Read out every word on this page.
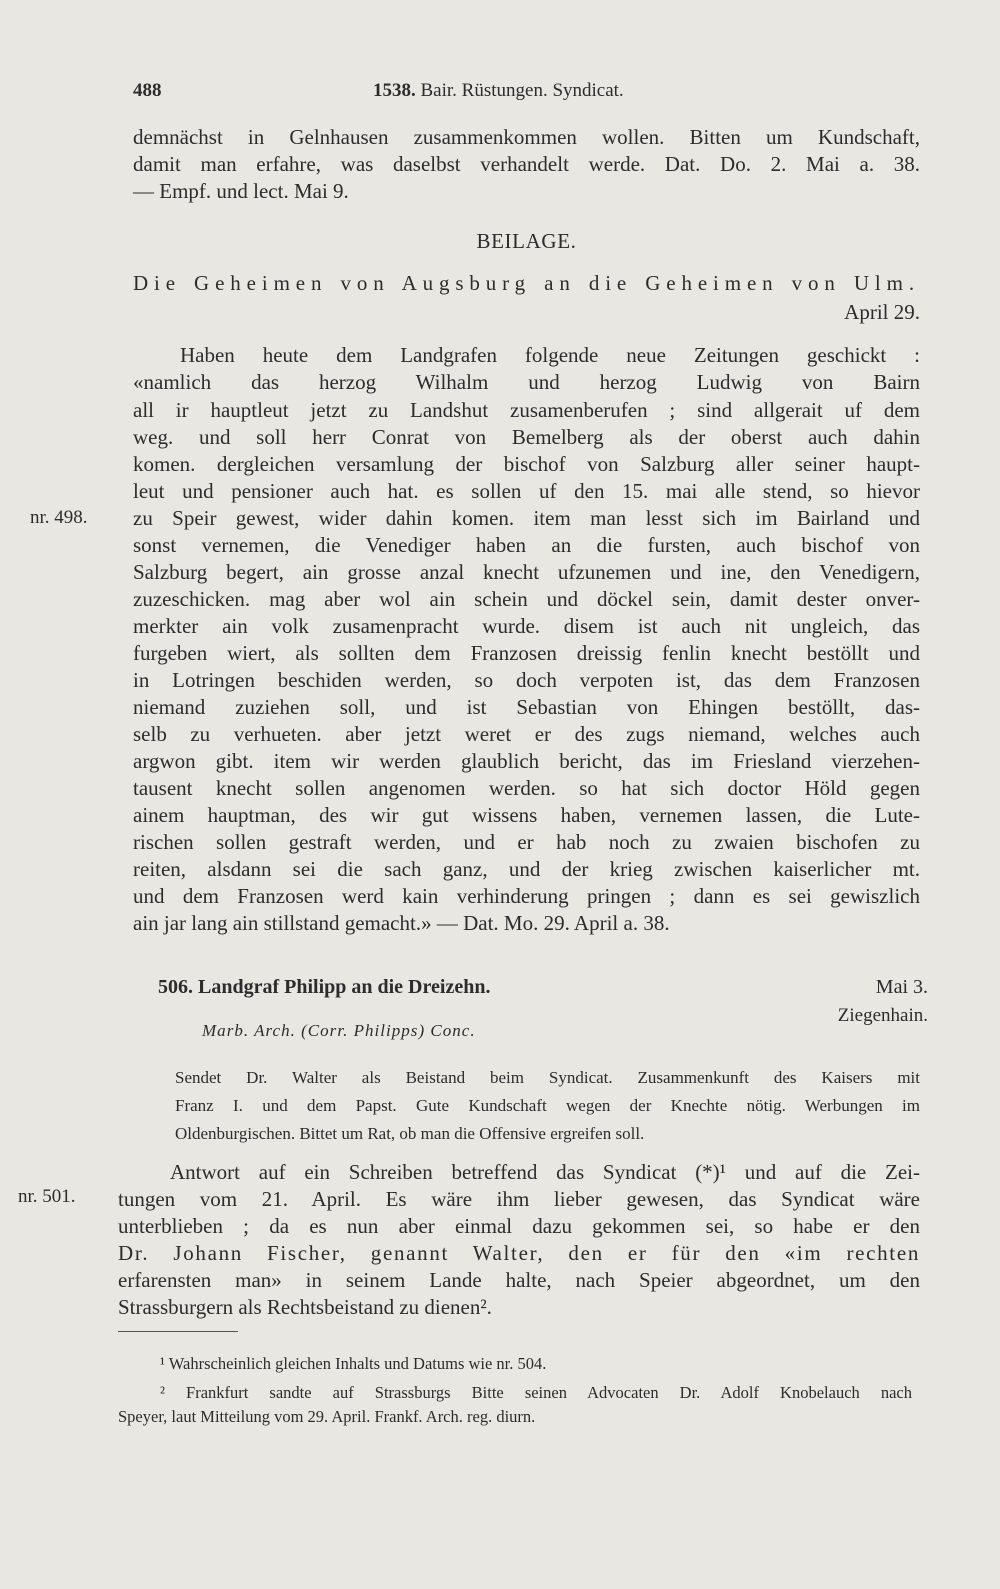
488	1538. Bair. Rüstungen. Syndicat.
demnächst in Gelnhausen zusammenkommen wollen. Bitten um Kundschaft,
damit man erfahre, was daselbst verhandelt werde. Dat. Do. 2. Mai a. 38.
— Empf. und lect. Mai 9.
BEILAGE.
Die Geheimen von Augsburg an die Geheimen von Ulm.
April 29.
Haben heute dem Landgrafen folgende neue Zeitungen geschickt :
«namlich das herzog Wilhalm und herzog Ludwig von Bairn
all ir hauptleut jetzt zu Landshut zusamenberufen ; sind allgerait uf dem
weg. und soll herr Conrat von Bemelberg als der oberst auch dahin
komen. dergleichen versamlung der bischof von Salzburg aller seiner haupt-
leut und pensioner auch hat. es sollen uf den 15. mai alle stend, so hievor
nr. 498. zu Speir gewest, wider dahin komen. item man lesst sich im Bairland und
sonst vernemen, die Venediger haben an die fursten, auch bischof von
Salzburg begert, ain grosse anzal knecht ufzunemen und ine, den Venedigern,
zuzeschicken. mag aber wol ain schein und döckel sein, damit dester onver-
merkter ain volk zusamenpracht wurde. disem ist auch nit ungleich, das
furgeben wiert, als sollten dem Franzosen dreissig fenlin knecht bestöllt und
in Lotringen beschiden werden, so doch verpoten ist, das dem Franzosen
niemand zuziehen soll, und ist Sebastian von Ehingen bestöllt, das-
selb zu verhueten. aber jetzt weret er des zugs niemand, welches auch
argwon gibt. item wir werden glaublich bericht, das im Friesland vierzehen-
tausent knecht sollen angenomen werden. so hat sich doctor Höld gegen
ainem hauptman, des wir gut wissens haben, vernemen lassen, die Lute-
rischen sollen gestraft werden, und er hab noch zu zwaien bischofen zu
reiten, alsdann sei die sach ganz, und der krieg zwischen kaiserlicher mt.
und dem Franzosen werd kain verhinderung pringen ; dann es sei gewiszlich
ain jar lang ain stillstand gemacht.» — Dat. Mo. 29. April a. 38.
506. Landgraf Philipp an die Dreizehn.	Mai 3.
Ziegenhain.
Marb. Arch. (Corr. Philipps) Conc.
Sendet Dr. Walter als Beistand beim Syndicat. Zusammenkunft des Kaisers mit
Franz I. und dem Papst. Gute Kundschaft wegen der Knechte nötig. Werbungen im
Oldenburgischen. Bittet um Rat, ob man die Offensive ergreifen soll.
Antwort auf ein Schreiben betreffend das Syndicat (*)¹ und auf die Zei-
nr. 501. tungen vom 21. April. Es wäre ihm lieber gewesen, das Syndicat wäre
unterblieben ; da es nun aber einmal dazu gekommen sei, so habe er den
Dr. Johann Fischer, genannt Walter, den er für den «im rechten
erfarensten man» in seinem Lande halte, nach Speier abgeordnet, um den
Strassburgern als Rechtsbeistand zu dienen².
¹ Wahrscheinlich gleichen Inhalts und Datums wie nr. 504.
² Frankfurt sandte auf Strassburgs Bitte seinen Advocaten Dr. Adolf Knobelauch nach
Speyer, laut Mitteilung vom 29. April. Frankf. Arch. reg. diurn.
